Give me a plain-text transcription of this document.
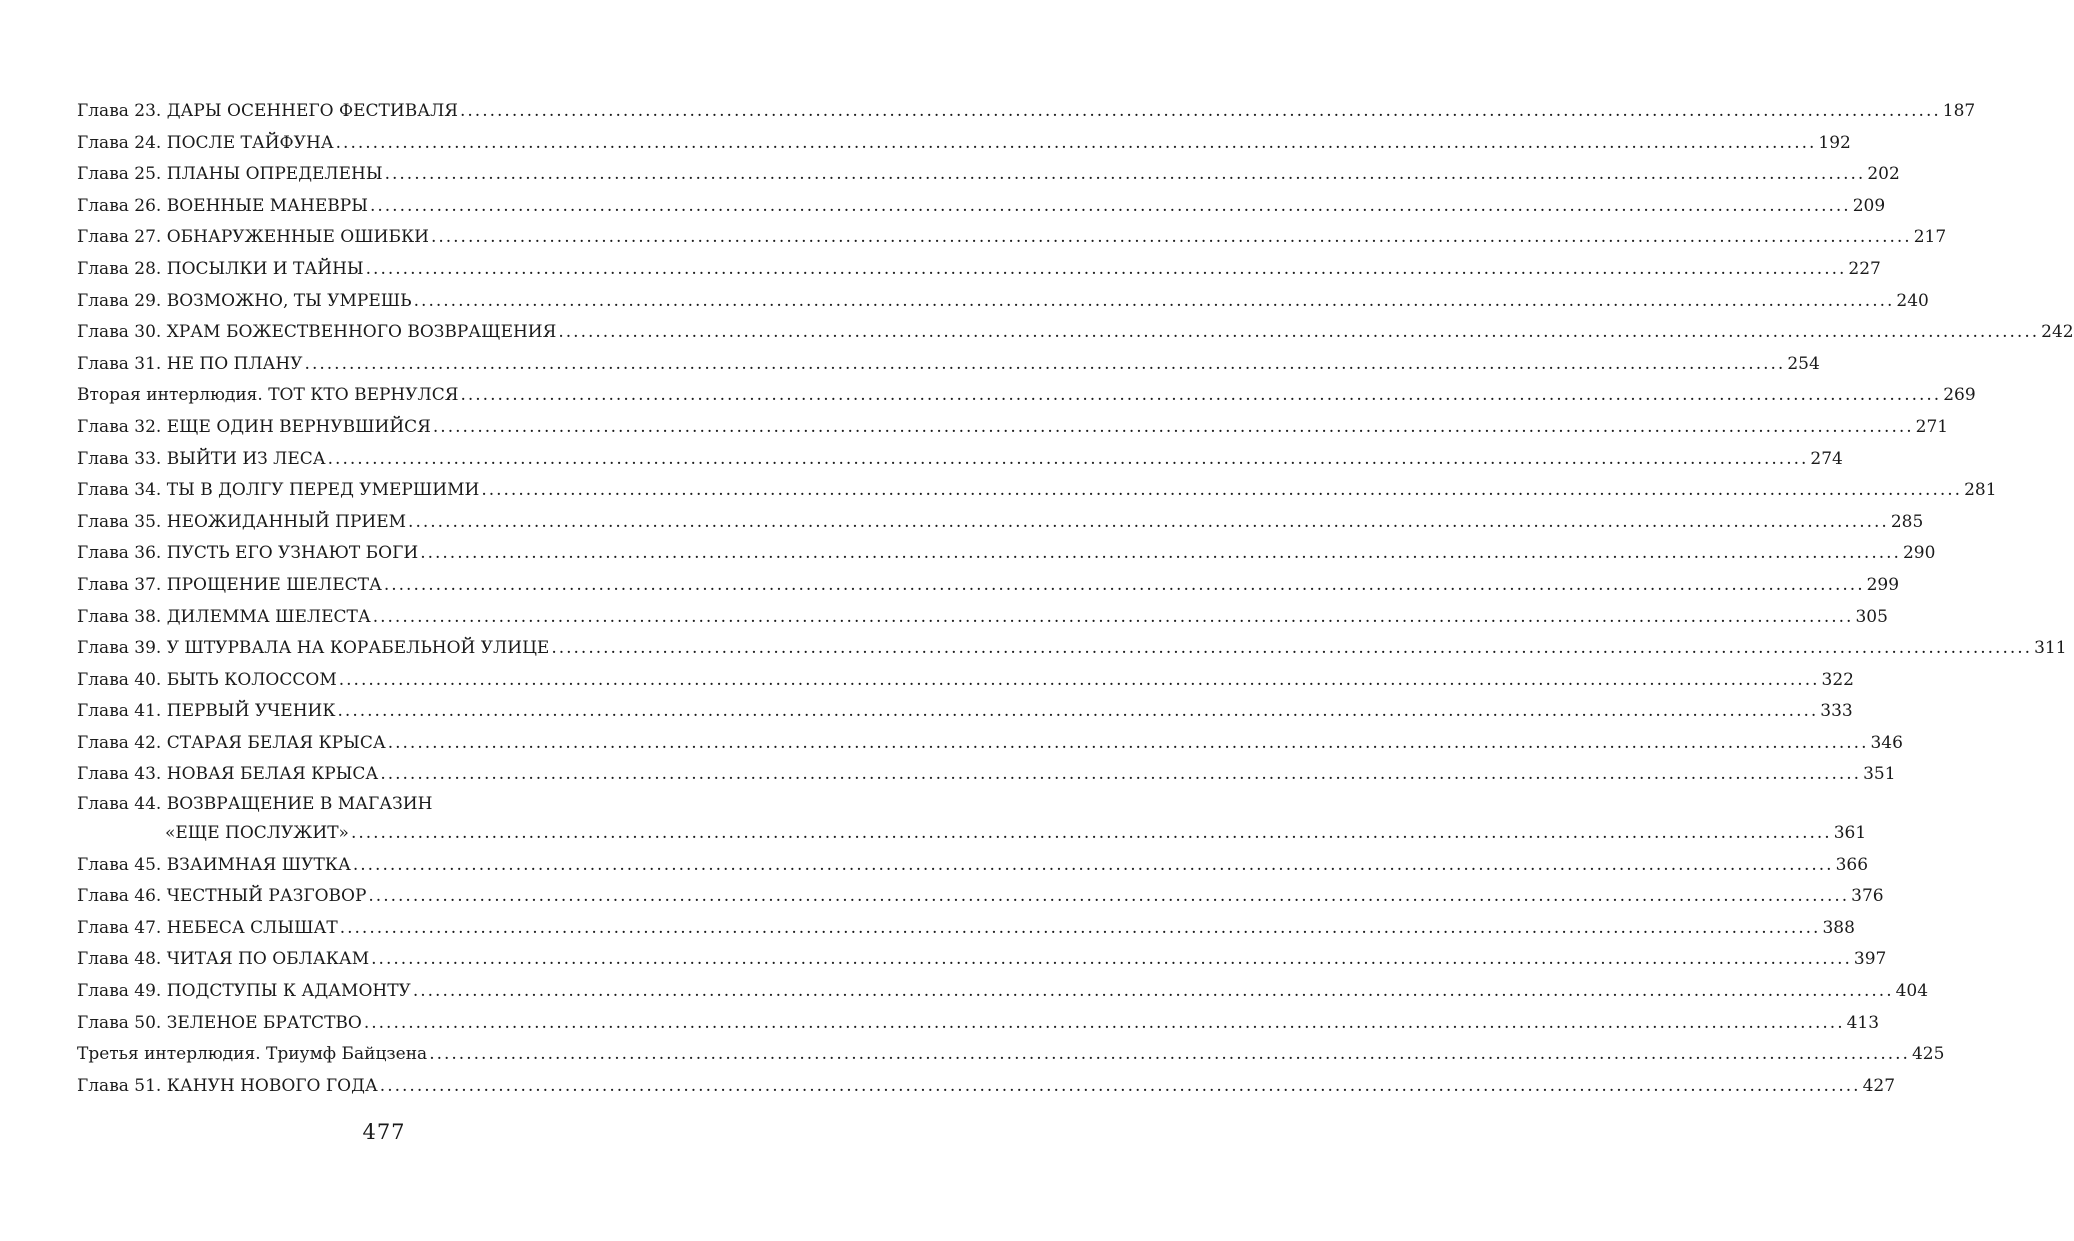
Глава 23. ДАРЫ ОСЕННЕГО ФЕСТИВАЛЯ ........................................................................................................................................................................................................ 187
Глава 24. ПОСЛЕ ТАЙФУНА ........................................................................................................................................................................................................ 192
Глава 25. ПЛАНЫ ОПРЕДЕЛЕНЫ ........................................................................................................................................................................................................ 202
Глава 26. ВОЕННЫЕ МАНЕВРЫ ........................................................................................................................................................................................................ 209
Глава 27. ОБНАРУЖЕННЫЕ ОШИБКИ ........................................................................................................................................................................................................ 217
Глава 28. ПОСЫЛКИ И ТАЙНЫ ........................................................................................................................................................................................................ 227
Глава 29. ВОЗМОЖНО, ТЫ УМРЕШЬ ........................................................................................................................................................................................................ 240
Глава 30. ХРАМ БОЖЕСТВЕННОГО ВОЗВРАЩЕНИЯ ........................................................................................................................................................................................................ 242
Глава 31. НЕ ПО ПЛАНУ ........................................................................................................................................................................................................ 254
Вторая интерлюдия. ТОТ КТО ВЕРНУЛСЯ ........................................................................................................................................................................................................ 269
Глава 32. ЕЩЕ ОДИН ВЕРНУВШИЙСЯ ........................................................................................................................................................................................................ 271
Глава 33. ВЫЙТИ ИЗ ЛЕСА ........................................................................................................................................................................................................ 274
Глава 34. ТЫ В ДОЛГУ ПЕРЕД УМЕРШИМИ ........................................................................................................................................................................................................ 281
Глава 35. НЕОЖИДАННЫЙ ПРИЕМ ........................................................................................................................................................................................................ 285
Глава 36. ПУСТЬ ЕГО УЗНАЮТ БОГИ ........................................................................................................................................................................................................ 290
Глава 37. ПРОЩЕНИЕ ШЕЛЕСТА ........................................................................................................................................................................................................ 299
Глава 38. ДИЛЕММА ШЕЛЕСТА ........................................................................................................................................................................................................ 305
Глава 39. У ШТУРВАЛА НА КОРАБЕЛЬНОЙ УЛИЦЕ ........................................................................................................................................................................................................ 311
Глава 40. БЫТЬ КОЛОССОМ ........................................................................................................................................................................................................ 322
Глава 41. ПЕРВЫЙ УЧЕНИК ........................................................................................................................................................................................................ 333
Глава 42. СТАРАЯ БЕЛАЯ КРЫСА ........................................................................................................................................................................................................ 346
Глава 43. НОВАЯ БЕЛАЯ КРЫСА ........................................................................................................................................................................................................ 351
Глава 44. ВОЗВРАЩЕНИЕ В МАГАЗИН
«ЕЩЕ ПОСЛУЖИТ» ........................................................................................................................................................................................................ 361
Глава 45. ВЗАИМНАЯ ШУТКА ........................................................................................................................................................................................................ 366
Глава 46. ЧЕСТНЫЙ РАЗГОВОР ........................................................................................................................................................................................................ 376
Глава 47. НЕБЕСА СЛЫШАТ ........................................................................................................................................................................................................ 388
Глава 48. ЧИТАЯ ПО ОБЛАКАМ ........................................................................................................................................................................................................ 397
Глава 49. ПОДСТУПЫ К АДАМОНТУ ........................................................................................................................................................................................................ 404
Глава 50. ЗЕЛЕНОЕ БРАТСТВО ........................................................................................................................................................................................................ 413
Третья интерлюдия. Триумф Байцзена ........................................................................................................................................................................................................ 425
Глава 51. КАНУН НОВОГО ГОДА ........................................................................................................................................................................................................ 427
477
